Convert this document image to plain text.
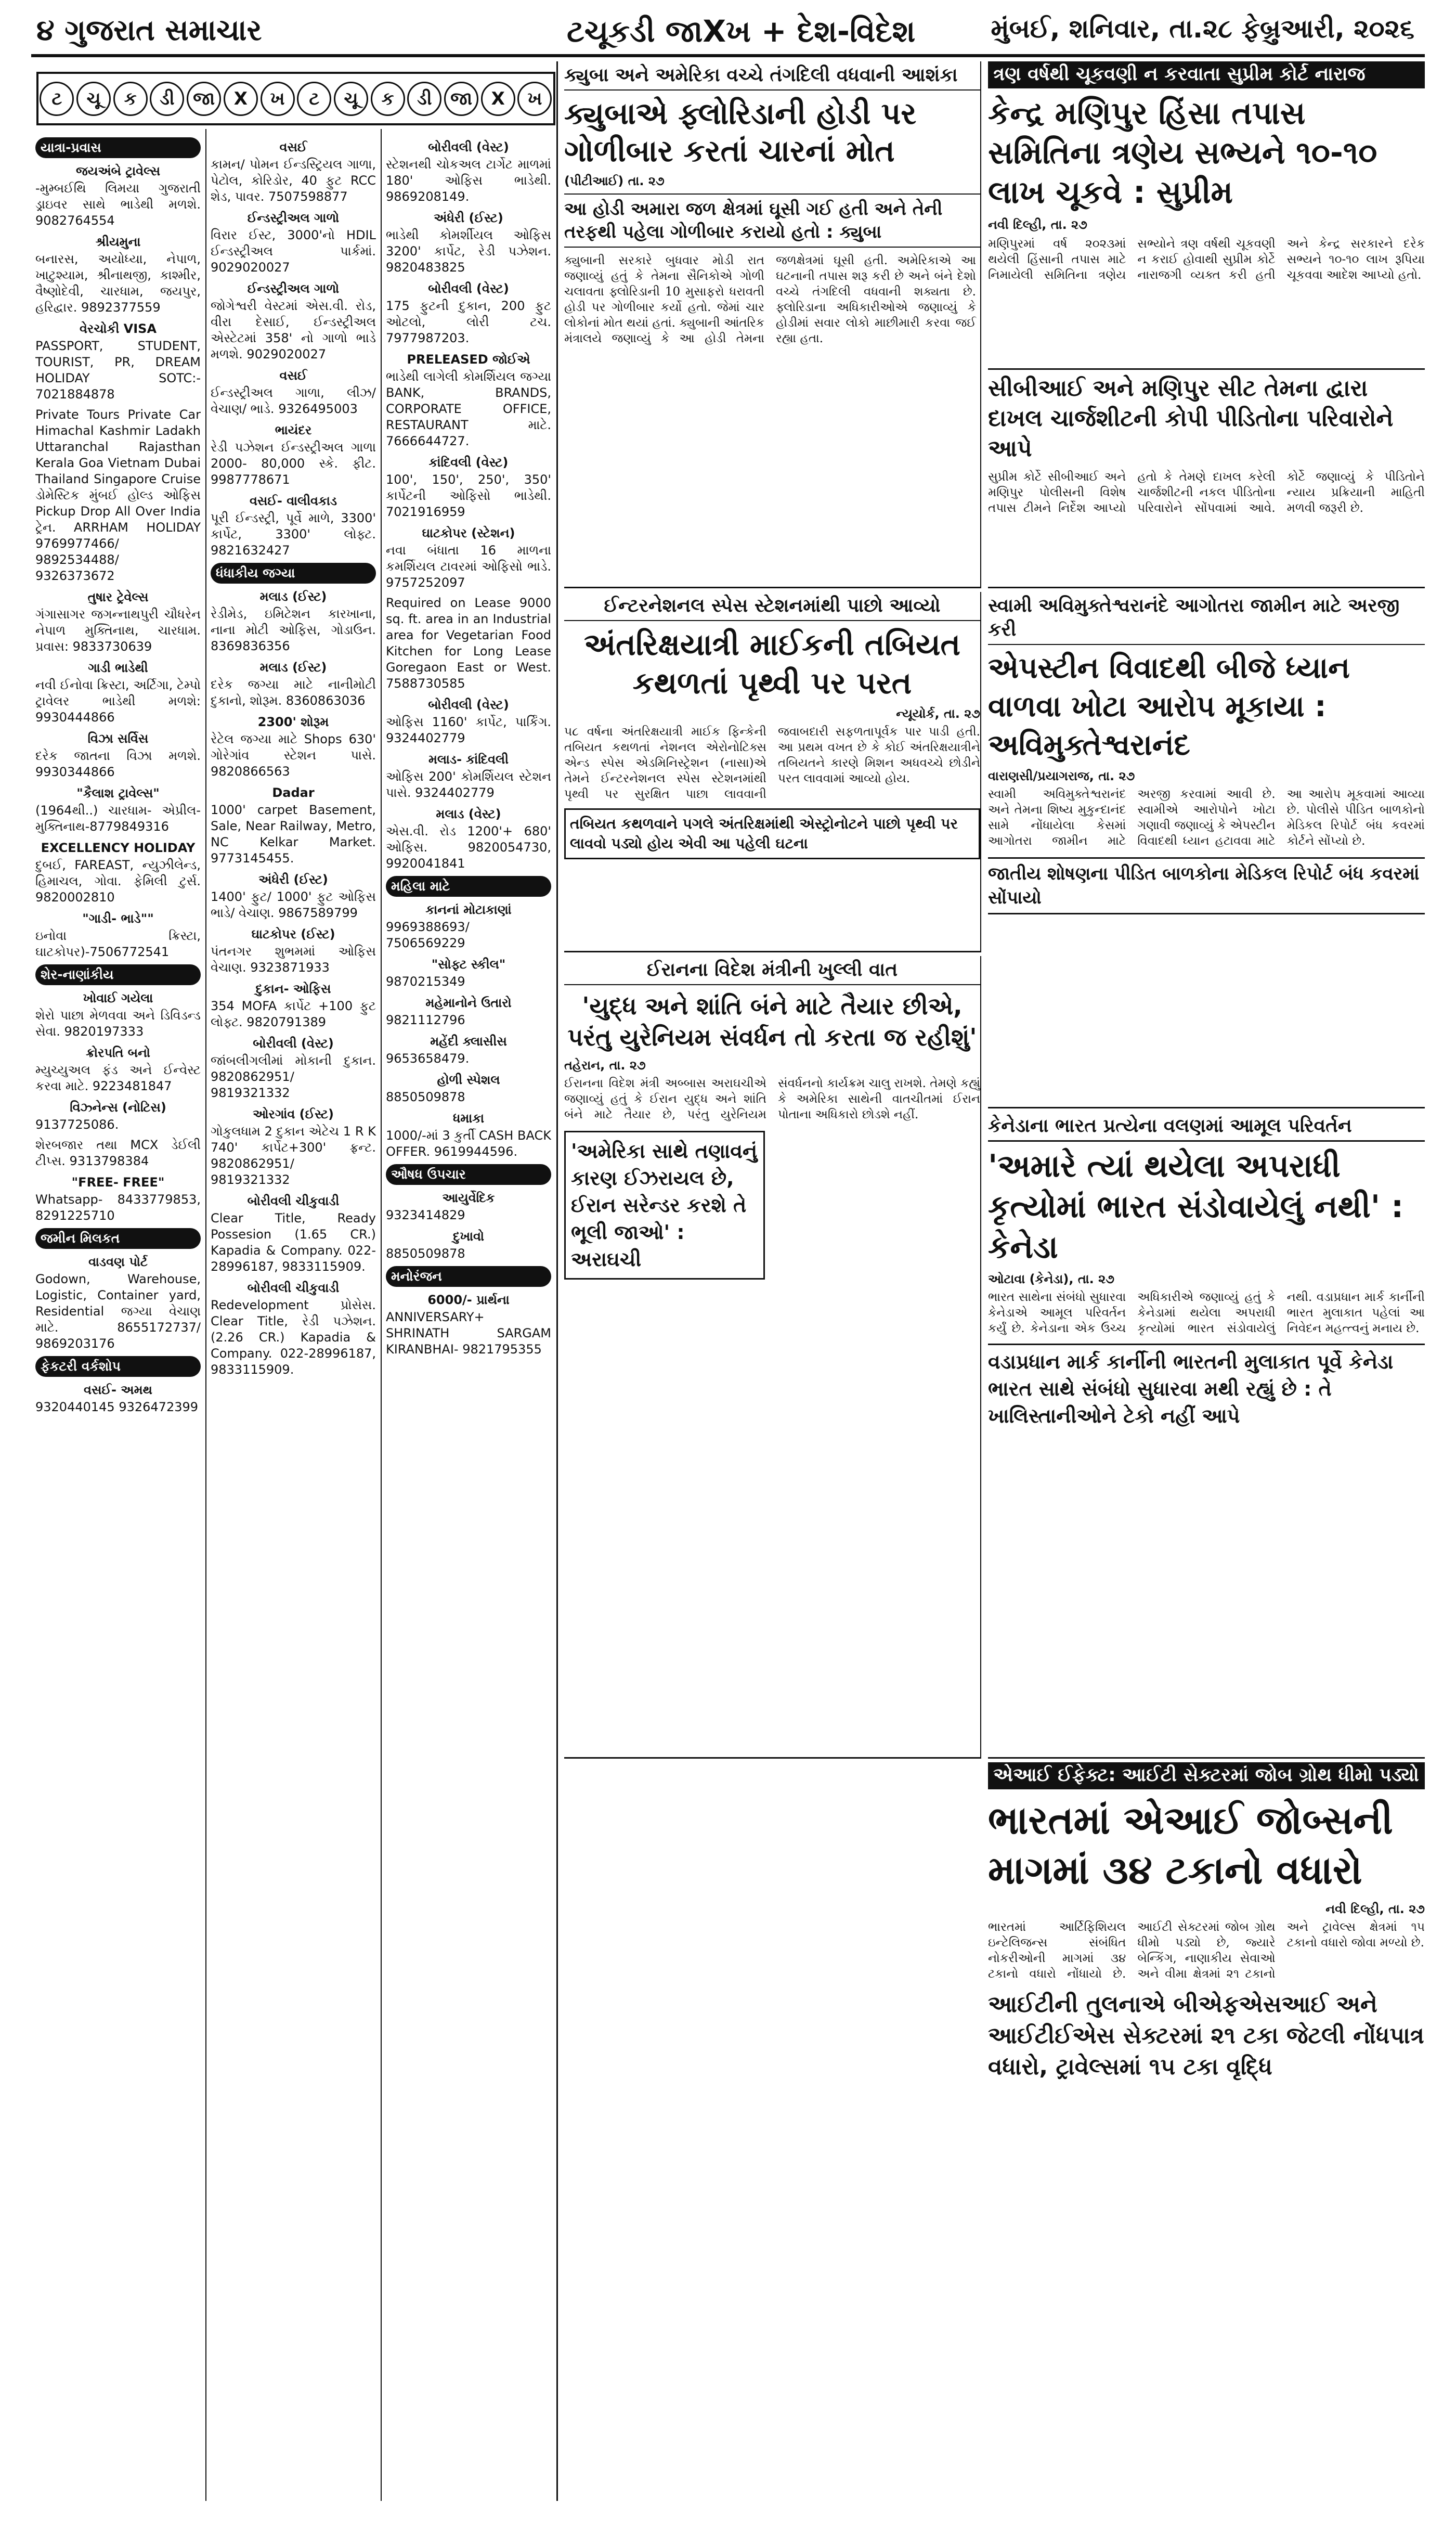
૪ ગુજરાત સમાચાર	ટચૂકડી જાXખ + દેશ-વિદેશ	મુંબઈ, શનિવાર, તા.૨૮ ફેબ્રુઆરી, ૨૦૨૬
ટ	ચૂ	ક	ડી	જા	X	ખ	ટ	ચૂ	ક	ડી	જા	X	ખ
યાત્રા-પ્રવાસ
જયઅંબે ટ્રાવેલ્સ
-મુમ્બઈથિ લિમયા ગુજરાતી ડ્રાઇવર સાથે ભાડેથી મળશે. 9082764554
શ્રીયમુના
બનારસ, અયોધ્યા, નેપાળ, ખાટુશ્યામ, શ્રીનાથજી, કાશ્મીર, વૈષ્ણોદેવી, ચારધામ, જયપુર, હરિદ્વાર. 9892377559
વેરચોકી VISA
PASSPORT, STUDENT, TOURIST, PR, DREAM HOLIDAY SOTC:- 7021884878
Private Tours Private Car Himachal Kashmir Ladakh Uttaranchal Rajasthan Kerala Goa Vietnam Dubai Thailand Singapore Cruise ડોમેસ્ટિક મુંબઈ હોલ્ડ ઓફિસ Pickup Drop All Over India ટ્રેન. ARRHAM HOLIDAY 9769977466/ 9892534488/ 9326373672
તુષાર ટ્રેવેલ્સ
ગંગાસાગર જગન્નાથપુરી ચૌધરેન નેપાળ મુક્તિનાથ, ચારધામ. પ્રવાસ: 9833730639
ગાડી ભાડેથી
નવી ઈનોવા ક્રિસ્ટા, અર્ટિગા, ટેમ્પો ટ્રાવેલર ભાડેથી મળશે: 9930444866
વિઝા સર્વિસ
દરેક જાતના વિઝા મળશે. 9930344866
"કૈલાશ ટ્રાવેલ્સ"
(1964થી..) ચારધામ- એપ્રીલ- મુક્તિનાથ-8779849316
EXCELLENCY HOLIDAY
દુબઈ, FAREAST, ન્યુઝીલેન્ડ, હિમાચલ, ગોવા. ફેમિલી ટુર્સ. 9820002810
"ગાડી- ભાડે""
ઇનોવા ક્રિસ્ટા, ઘાટકોપર)-7506772541
શેર-નાણાંકીય
ખોવાઈ ગયેલા
શેરો પાછા મેળવવા અને ડિવિડન્ડ સેવા. 9820197333
ક્રોરપતિ બનો
મ્યુચ્યુઅલ ફંડ અને ઈન્વેસ્ટ કરવા માટે. 9223481847
વિઝ્નેન્સ (નોટિસ)
9137725086.
શેરબજાર તથા MCX ડેઈલી ટીપ્સ. 9313798384
"FREE- FREE"
Whatsapp- 8433779853, 8291225710
જમીન મિલકત
વાડવણ પોર્ટ
Godown, Warehouse, Logistic, Container yard, Residential જગ્યા વેચાણ માટે. 8655172737/ 9869203176
ફેકટરી વર્કશોપ
વસઈ- અમથ
9320440145 9326472399
વસઈ
કામન/ પોમન ઈન્ડસ્ટ્રિયલ ગાળા, પેટોલ, કોરિડોર, 40 ફુટ RCC શેડ, પાવર. 7507598877
ઈન્ડસ્ટ્રીઅલ ગાળો
વિરાર ઈસ્ટ, 3000'નો HDIL ઈન્ડસ્ટ્રીઅલ પાર્કમાં. 9029020027
ઈન્ડસ્ટ્રીઅલ ગાળો
જોગેશ્વરી વેસ્ટમાં એસ.વી. રોડ, વીરા દેસાઈ, ઈન્ડસ્ટ્રીઅલ એસ્ટેટમાં 358' નો ગાળો ભાડે મળશે. 9029020027
વસઈ
ઈન્ડસ્ટ્રીઅલ ગાળા, લીઝ/ વેચાણ/ ભાડે. 9326495003
ભાયંદર
રેડી પઝેશન ઈન્ડસ્ટ્રીઅલ ગાળા 2000- 80,000 સ્કે. ફીટ. 9987778671
વસઈ- વાલીવકાડ
પૂરી ઈન્ડસ્ટ્રી, પૂર્વે માળે, 3300' કાર્પેટ, 3300' લોફ્ટ. 9821632427
ધંધાકીય જગ્યા
મલાડ (ઈસ્ટ)
રેડીમેડ, ઇમિટેશન કારખાના, નાના મોટી ઓફિસ, ગોડાઉન. 8369836356
મલાડ (ઈસ્ટ)
દરેક જગ્યા માટે નાનીમોટી દુકાનો, શોરૂમ. 8360863036
2300' શોરૂમ
રેટેલ જગ્યા માટે Shops 630' ગોરેગાંવ સ્ટેશન પાસે. 9820866563
Dadar
1000' carpet Basement, Sale, Near Railway, Metro, NC Kelkar Market. 9773145455.
અંધેરી (ઈસ્ટ)
1400' ફુટ/ 1000' ફુટ ઓફિસ ભાડે/ વેચાણ. 9867589799
ઘાટકોપર (ઈસ્ટ)
પંતનગર શુભમમાં ઓફિસ વેચાણ. 9323871933
દુકાન- ઓફિસ
354 MOFA કાર્પેટ +100 ફુટ લોફ્ટ. 9820791389
બોરીવલી (વેસ્ટ)
જાંબલીગલીમાં મોકાની દુકાન. 9820862951/ 9819321332
ઓરગાંવ (ઈસ્ટ)
ગોકુલધામ 2 દુકાન એટેચ 1 R K 740' કાર્પેટ+300' ફ્રન્ટ. 9820862951/ 9819321332
બોરીવલી ચીકુવાડી
Clear Title, Ready Possesion (1.65 CR.) Kapadia & Company. 022-28996187, 9833115909.
બોરીવલી ચીકુવાડી
Redevelopment પ્રોસેસ. Clear Title, રેડી પઝેશન. (2.26 CR.) Kapadia & Company. 022-28996187, 9833115909.
બોરીવલી (વેસ્ટ)
સ્ટેશનથી ચોકઅલ ટાર્ગેટ માળમાં 180' ઓફિસ ભાડેથી. 9869208149.
અંધેરી (ઈસ્ટ)
ભાડેથી કોમર્શીયલ ઓફિસ 3200' કાર્પેટ, રેડી પઝેશન. 9820483825
બોરીવલી (વેસ્ટ)
175 ફુટની દુકાન, 200 ફુટ ઓટલો, લોરી ટચ. 7977987203.
PRELEASED જોઈએ
ભાડેથી લાગેલી કોમર્શિયલ જગ્યા BANK, BRANDS, CORPORATE OFFICE, RESTAURANT માટે. 7666644727.
કાંદિવલી (વેસ્ટ)
100', 150', 250', 350' કાર્પેટની ઓફિસો ભાડેથી. 7021916959
ઘાટકોપર (સ્ટેશન)
નવા બંધાતા 16 માળના કમર્શિયલ ટાવરમાં ઓફિસો ભાડે. 9757252097
Required on Lease 9000 sq. ft. area in an Industrial area for Vegetarian Food Kitchen for Long Lease Goregaon East or West. 7588730585
બોરીવલી (વેસ્ટ)
ઓફિસ 1160' કાર્પેટ, પાર્કિંગ. 9324402779
મલાડ- કાંદિવલી
ઓફિસ 200' કોમર્શિયલ સ્ટેશન પાસે. 9324402779
મલાડ (વેસ્ટ)
એસ.વી. રોડ 1200'+ 680' ઓફિસ. 9820054730, 9920041841
મહિલા માટે
કાનનાં મોટાકાણાં
9969388693/ 7506569229
"સોફ્ટ સ્કીલ"
9870215349
મહેમાનોને ઉતારો
9821112796
મહેંદી ક્લાસીસ
9653658479.
હોળી સ્પેશલ
8850509878
ધમાકા
1000/-માં 3 કુર્તી CASH BACK OFFER. 9619944596.
ઔષધ ઉપચાર
આયુર્વેદિક
9323414829
દુખાવો
8850509878
મનોરંજન
6000/- પ્રાર્થના
ANNIVERSARY+ SHRINATH SARGAM KIRANBHAI- 9821795355
ક્યુબા અને અમેરિકા વચ્ચે તંગદિલી વધવાની આશંકા
ક્યુબાએ ફ્લોરિડાની હોડી પર ગોળીબાર કરતાં ચારનાં મોત
(પીટીઆઈ) તા. ૨૭
આ હોડી અમારા જળ ક્ષેત્રમાં ઘૂસી ગઈ હતી અને તેની તરફથી પહેલા ગોળીબાર કરાયો હતો : ક્યુબા
ક્યુબાની સરકારે બુધવાર મોડી રાત જણાવ્યું હતું કે તેમના સૈનિકોએ ગોળી ચલાવતા ફ્લોરિડાની 10 મુસાફરો ધરાવતી હોડી પર ગોળીબાર કર્યો હતો. જેમાં ચાર લોકોનાં મોત થયાં હતાં. ક્યુબાની આંતરિક મંત્રાલયે જણાવ્યું કે આ હોડી તેમના જળક્ષેત્રમાં ઘૂસી હતી. અમેરિકાએ આ ઘટનાની તપાસ શરૂ કરી છે અને બંને દેશો વચ્ચે તંગદિલી વધવાની શક્યતા છે. ફ્લોરિડાના અધિકારીઓએ જણાવ્યું કે હોડીમાં સવાર લોકો માછીમારી કરવા જઈ રહ્યા હતા.
ત્રણ વર્ષથી ચૂકવણી ન કરવાતા સુપ્રીમ કોર્ટ નારાજ
કેન્દ્ર મણિપુર હિંસા તપાસ સમિતિના ત્રણેય સભ્યને ૧૦-૧૦ લાખ ચૂકવે : સુપ્રીમ
નવી દિલ્હી, તા. ૨૭
મણિપુરમાં વર્ષ ૨૦૨૩માં થયેલી હિંસાની તપાસ માટે નિમાયેલી સમિતિના ત્રણેય સભ્યોને ત્રણ વર્ષથી ચૂકવણી ન કરાઈ હોવાથી સુપ્રીમ કોર્ટે નારાજગી વ્યક્ત કરી હતી અને કેન્દ્ર સરકારને દરેક સભ્યને ૧૦-૧૦ લાખ રૂપિયા ચૂકવવા આદેશ આપ્યો હતો.
સીબીઆઈ અને મણિપુર સીટ તેમના દ્વારા દાખલ ચાર્જશીટની કોપી પીડિતોના પરિવારોને આપે
સુપ્રીમ કોર્ટે સીબીઆઈ અને મણિપુર પોલીસની વિશેષ તપાસ ટીમને નિર્દેશ આપ્યો હતો કે તેમણે દાખલ કરેલી ચાર્જશીટની નકલ પીડિતોના પરિવારોને સોંપવામાં આવે. કોર્ટે જણાવ્યું કે પીડિતોને ન્યાય પ્રક્રિયાની માહિતી મળવી જરૂરી છે.
ઈન્ટરનેશનલ સ્પેસ સ્ટેશનમાંથી પાછો આવ્યો
અંતરિક્ષયાત્રી માઈકની તબિયત કથળતાં પૃથ્વી પર પરત
ન્યૂયોર્ક, તા. ૨૭
૫૮ વર્ષના અંતરિક્ષયાત્રી માઈક ફિન્કેની તબિયત કથળતાં નેશનલ એરોનોટિક્સ એન્ડ સ્પેસ એડમિનિસ્ટ્રેશન (નાસા)એ તેમને ઈન્ટરનેશનલ સ્પેસ સ્ટેશનમાંથી પૃથ્વી પર સુરક્ષિત પાછા લાવવાની જવાબદારી સફળતાપૂર્વક પાર પાડી હતી. આ પ્રથમ વખત છે કે કોઈ અંતરિક્ષયાત્રીને તબિયતને કારણે મિશન અધવચ્ચે છોડીને પરત લાવવામાં આવ્યો હોય.
તબિયત કથળવાને પગલે અંતરિક્ષમાંથી એસ્ટ્રોનોટને પાછો પૃથ્વી પર લાવવો પડ્યો હોય એવી આ પહેલી ઘટના
સ્વામી અવિમુક્તેશ્વરાનંદે આગોતરા જામીન માટે અરજી કરી
એપસ્ટીન વિવાદથી બીજે ધ્યાન વાળવા ખોટા આરોપ મૂકાયા : અવિમુક્તેશ્વરાનંદ
વારાણસી/પ્રયાગરાજ, તા. ૨૭
સ્વામી અવિમુક્તેશ્વરાનંદ અને તેમના શિષ્ય મુકુન્દાનંદ સામે નોંધાયેલા કેસમાં આગોતરા જામીન માટે અરજી કરવામાં આવી છે. સ્વામીએ આરોપોને ખોટા ગણાવી જણાવ્યું કે એપસ્ટીન વિવાદથી ધ્યાન હટાવવા માટે આ આરોપ મૂકવામાં આવ્યા છે. પોલીસે પીડિત બાળકોનો મેડિકલ રિપોર્ટ બંધ કવરમાં કોર્ટને સોંપ્યો છે.
જાતીય શોષણના પીડિત બાળકોના મેડિકલ રિપોર્ટ બંધ કવરમાં સોંપાયો
ઈરાનના વિદેશ મંત્રીની ખુલ્લી વાત
'યુદ્ધ અને શાંતિ બંને માટે તૈયાર છીએ, પરંતુ યુરેનિયમ સંવર્ધન તો કરતા જ રહીશું'
તહેરાન, તા. ૨૭
ઈરાનના વિદેશ મંત્રી અબ્બાસ અરાઘચીએ જણાવ્યું હતું કે ઈરાન યુદ્ધ અને શાંતિ બંને માટે તૈયાર છે, પરંતુ યુરેનિયમ સંવર્ધનનો કાર્યક્રમ ચાલુ રાખશે. તેમણે કહ્યું કે અમેરિકા સાથેની વાતચીતમાં ઈરાન પોતાના અધિકારો છોડશે નહીં.
'અમેરિકા સાથે તણાવનું કારણ ઈઝરાયલ છે, ઈરાન સરેન્ડર કરશે તે ભૂલી જાઓ' : અરાઘચી
કેનેડાના ભારત પ્રત્યેના વલણમાં આમૂલ પરિવર્તન
'અમારે ત્યાં થયેલા અપરાધી કૃત્યોમાં ભારત સંડોવાયેલું નથી' : કેનેડા
ઓટાવા (કેનેડા), તા. ૨૭
ભારત સાથેના સંબંધો સુધારવા કેનેડાએ આમૂલ પરિવર્તન કર્યું છે. કેનેડાના એક ઉચ્ચ અધિકારીએ જણાવ્યું હતું કે કેનેડામાં થયેલા અપરાધી કૃત્યોમાં ભારત સંડોવાયેલું નથી. વડાપ્રધાન માર્ક કાર્નીની ભારત મુલાકાત પહેલાં આ નિવેદન મહત્ત્વનું મનાય છે.
વડાપ્રધાન માર્ક કાર્નીની ભારતની મુલાકાત પૂર્વે કેનેડા ભારત સાથે સંબંધો સુધારવા મથી રહ્યું છે : તે ખાલિસ્તાનીઓને ટેકો નહીં આપે
એઆઈ ઈફેક્ટ: આઈટી સેક્ટરમાં જોબ ગ્રોથ ધીમો પડ્યો
ભારતમાં એઆઈ જોબ્સની માગમાં ૩૪ ટકાનો વધારો
નવી દિલ્હી, તા. ૨૭
ભારતમાં આર્ટિફિશિયલ ઇન્ટેલિજન્સ સંબંધિત નોકરીઓની માગમાં ૩૪ ટકાનો વધારો નોંધાયો છે. આઈટી સેક્ટરમાં જોબ ગ્રોથ ધીમો પડ્યો છે, જ્યારે બેન્કિંગ, નાણાકીય સેવાઓ અને વીમા ક્ષેત્રમાં ૨૧ ટકાનો અને ટ્રાવેલ્સ ક્ષેત્રમાં ૧૫ ટકાનો વધારો જોવા મળ્યો છે.
આઈટીની તુલનાએ બીએફએસઆઈ અને આઈટીઈએસ સેક્ટરમાં ૨૧ ટકા જેટલી નોંધપાત્ર વધારો, ટ્રાવેલ્સમાં ૧૫ ટકા વૃદ્ધિ
